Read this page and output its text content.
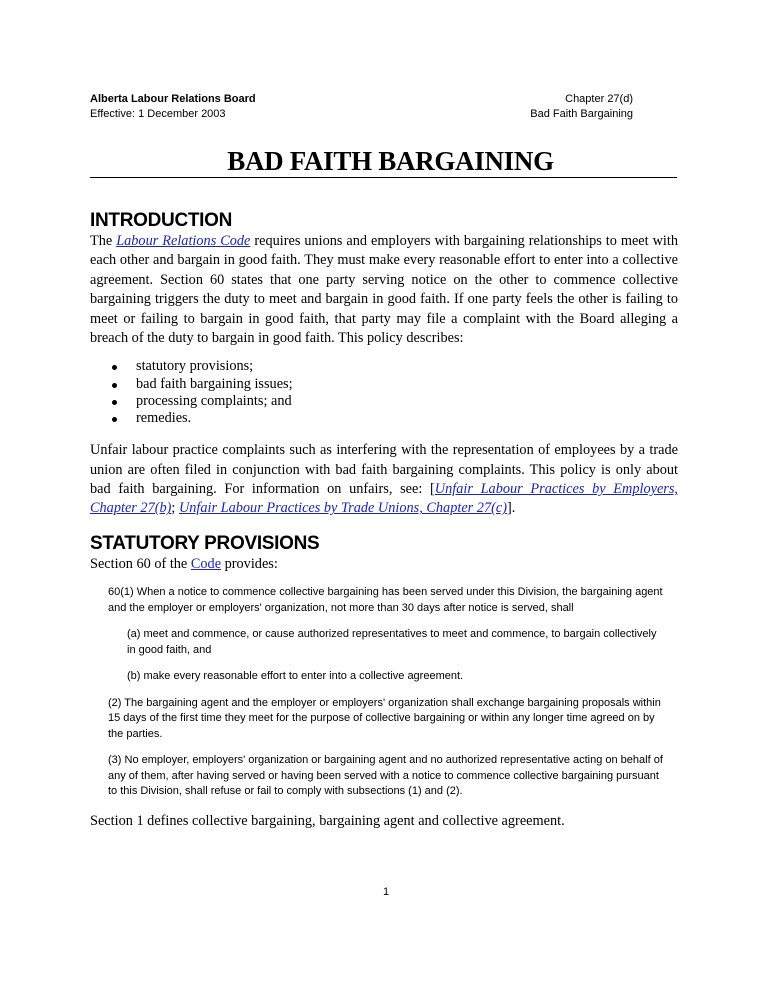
Alberta Labour Relations Board	Chapter 27(d)
Effective: 1 December 2003	Bad Faith Bargaining
BAD FAITH BARGAINING
INTRODUCTION

The Labour Relations Code requires unions and employers with bargaining relationships to meet with each other and bargain in good faith. They must make every reasonable effort to enter into a collective agreement. Section 60 states that one party serving notice on the other to commence collective bargaining triggers the duty to meet and bargain in good faith. If one party feels the other is failing to meet or failing to bargain in good faith, that party may file a complaint with the Board alleging a breach of the duty to bargain in good faith. This policy describes:

statutory provisions;
bad faith bargaining issues;
processing complaints; and
remedies.

Unfair labour practice complaints such as interfering with the representation of employees by a trade union are often filed in conjunction with bad faith bargaining complaints. This policy is only about bad faith bargaining. For information on unfairs, see: [Unfair Labour Practices by Employers, Chapter 27(b); Unfair Labour Practices by Trade Unions, Chapter 27(c)].

STATUTORY PROVISIONS

Section 60 of the Code provides:

60(1) When a notice to commence collective bargaining has been served under this Division, the bargaining agent and the employer or employers' organization, not more than 30 days after notice is served, shall

(a) meet and commence, or cause authorized representatives to meet and commence, to bargain collectively in good faith, and

(b) make every reasonable effort to enter into a collective agreement.

(2) The bargaining agent and the employer or employers' organization shall exchange bargaining proposals within 15 days of the first time they meet for the purpose of collective bargaining or within any longer time agreed on by the parties.

(3) No employer, employers' organization or bargaining agent and no authorized representative acting on behalf of any of them, after having served or having been served with a notice to commence collective bargaining pursuant to this Division, shall refuse or fail to comply with subsections (1) and (2).

Section 1 defines collective bargaining, bargaining agent and collective agreement.

1
